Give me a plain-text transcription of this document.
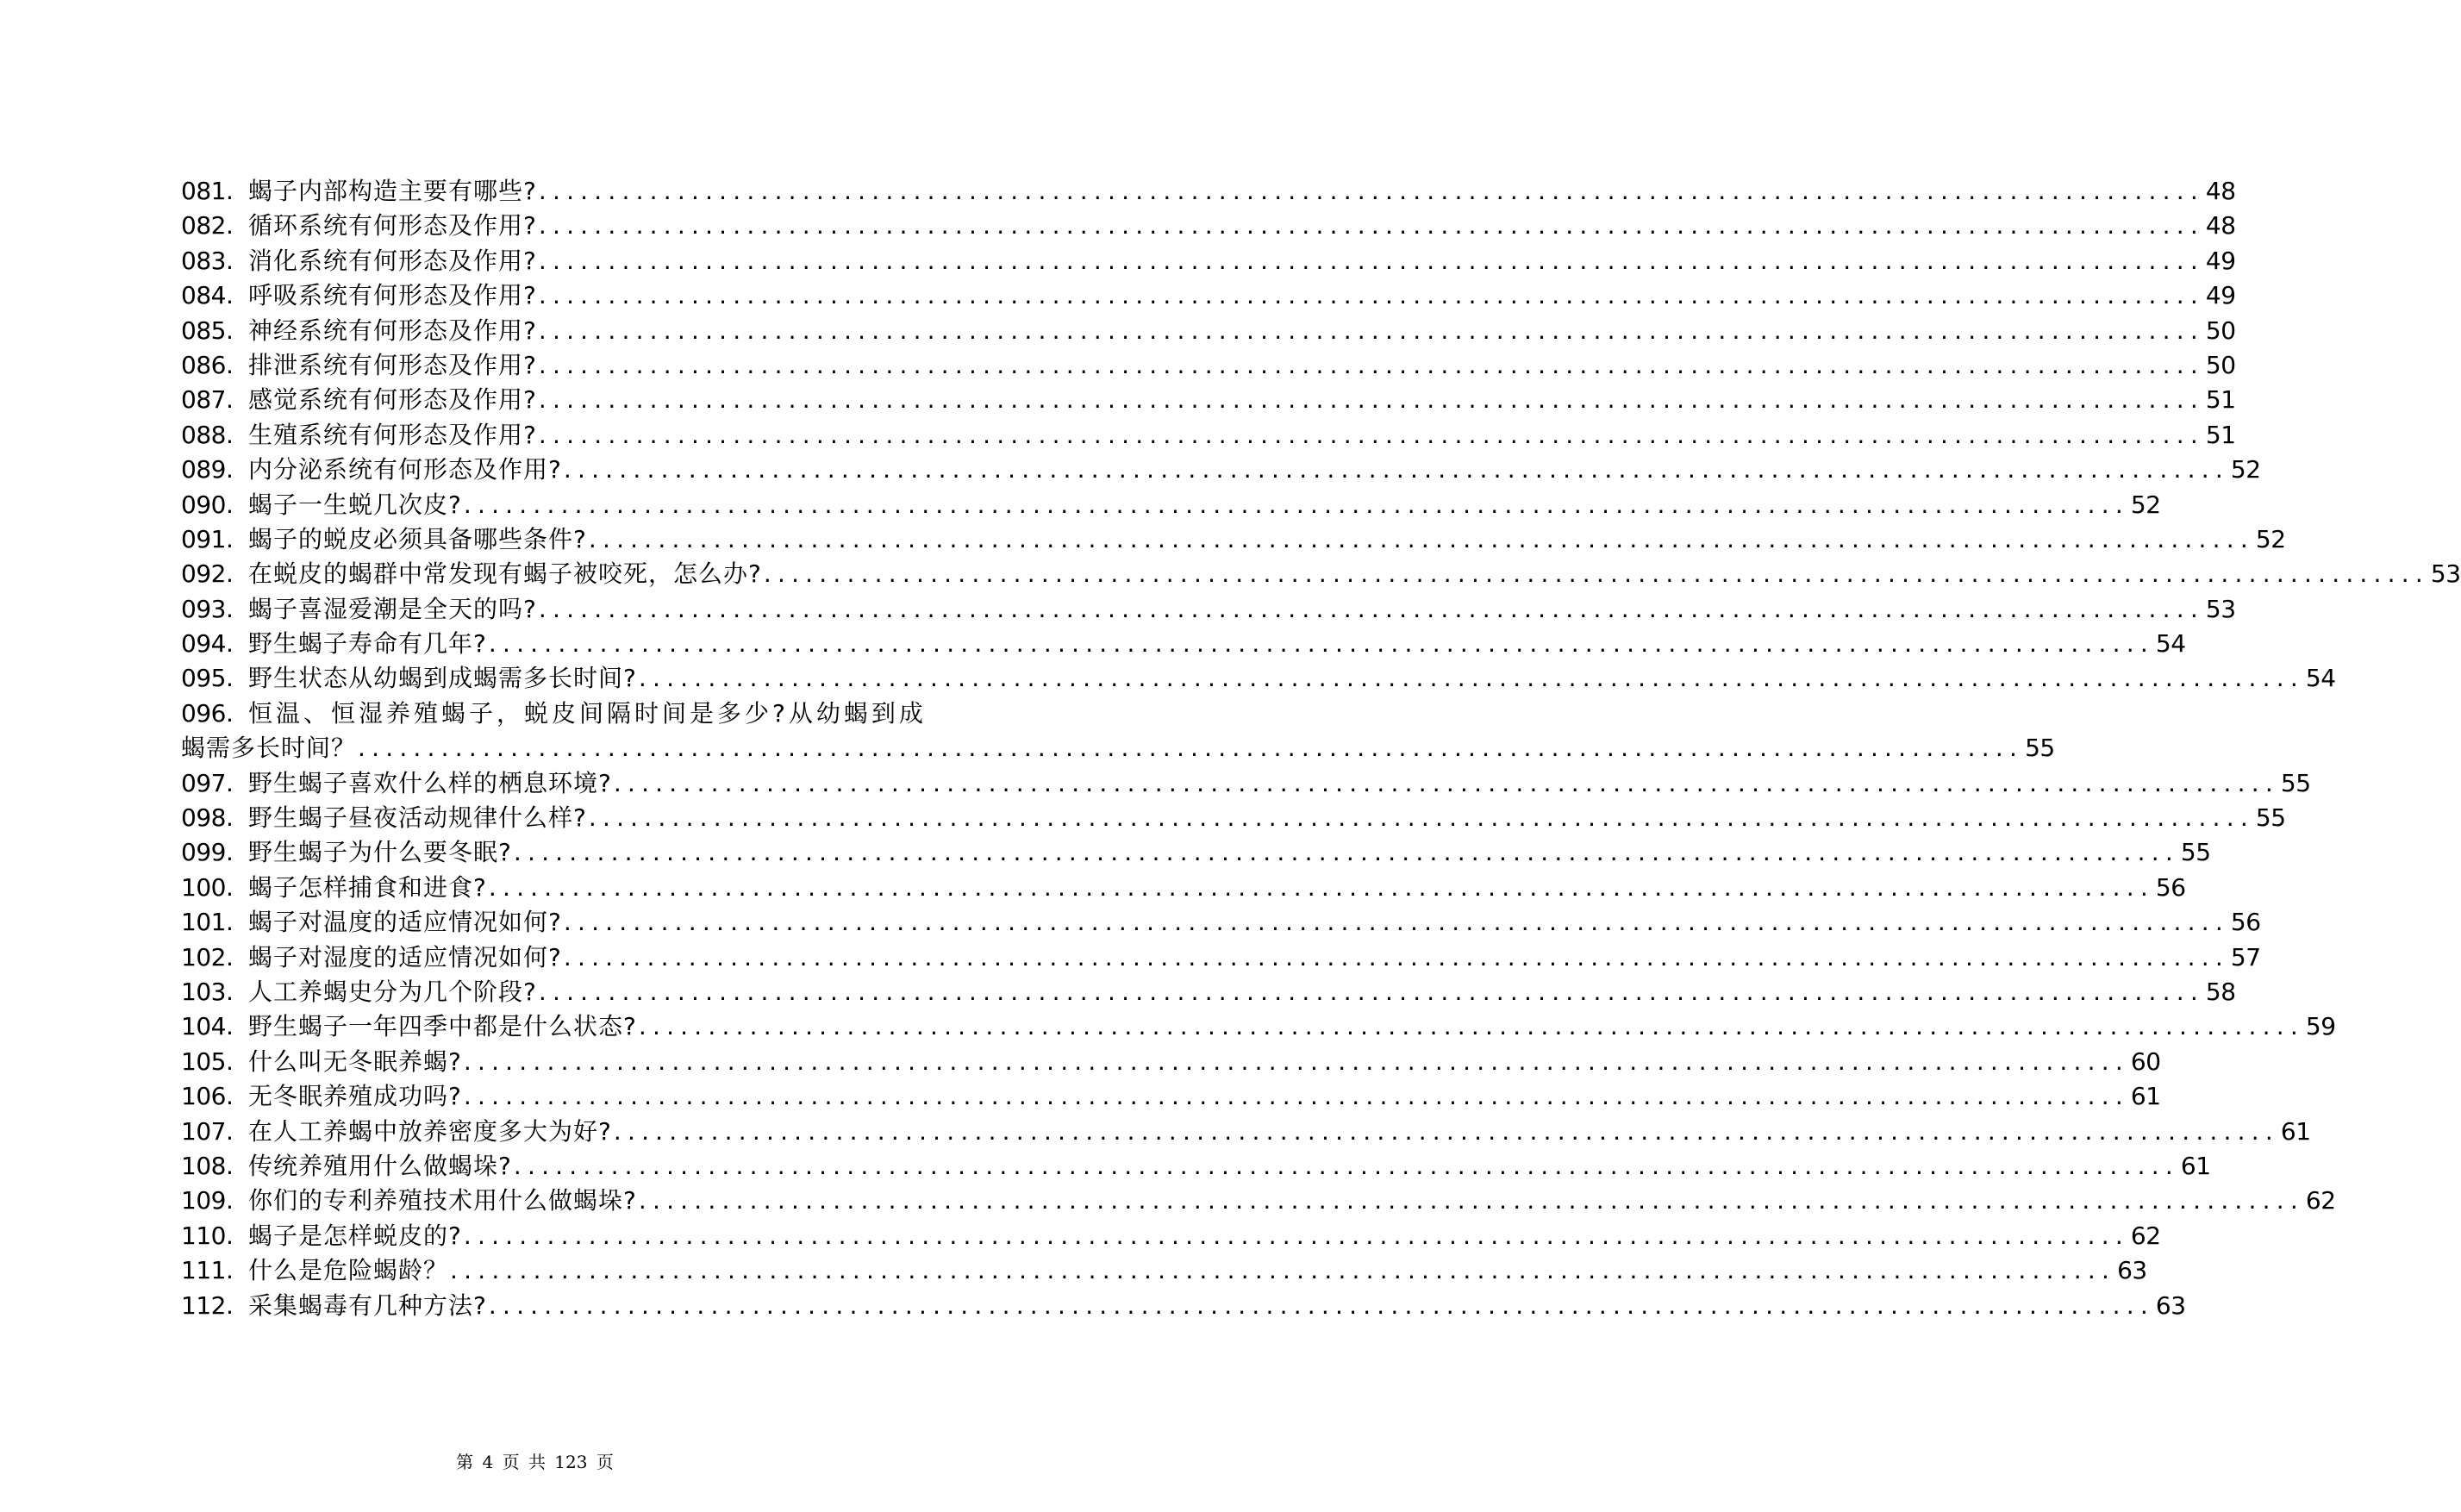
081. 蝎子内部构造主要有哪些? ........................................................................................................................ 48
082. 循环系统有何形态及作用? ........................................................................................................................ 48
083. 消化系统有何形态及作用? ........................................................................................................................ 49
084. 呼吸系统有何形态及作用? ........................................................................................................................ 49
085. 神经系统有何形态及作用? ........................................................................................................................ 50
086. 排泄系统有何形态及作用? ........................................................................................................................ 50
087. 感觉系统有何形态及作用? ........................................................................................................................ 51
088. 生殖系统有何形态及作用? ........................................................................................................................ 51
089. 内分泌系统有何形态及作用? ........................................................................................................................ 52
090. 蝎子一生蜕几次皮? ........................................................................................................................ 52
091. 蝎子的蜕皮必须具备哪些条件? ........................................................................................................................ 52
092. 在蜕皮的蝎群中常发现有蝎子被咬死，怎么办? ........................................................................................................................ 53
093. 蝎子喜湿爱潮是全天的吗? ........................................................................................................................ 53
094. 野生蝎子寿命有几年? ........................................................................................................................ 54
095. 野生状态从幼蝎到成蝎需多长时间? ........................................................................................................................ 54
096. 恒温、恒湿养殖蝎子，蜕皮间隔时间是多少?从幼蝎到成
蝎需多长时间？ ........................................................................................................................ 55
097. 野生蝎子喜欢什么样的栖息环境? ........................................................................................................................ 55
098. 野生蝎子昼夜活动规律什么样? ........................................................................................................................ 55
099. 野生蝎子为什么要冬眠? ........................................................................................................................ 55
100. 蝎子怎样捕食和进食? ........................................................................................................................ 56
101. 蝎子对温度的适应情况如何? ........................................................................................................................ 56
102. 蝎子对湿度的适应情况如何? ........................................................................................................................ 57
103. 人工养蝎史分为几个阶段? ........................................................................................................................ 58
104. 野生蝎子一年四季中都是什么状态? ........................................................................................................................ 59
105. 什么叫无冬眠养蝎? ........................................................................................................................ 60
106. 无冬眠养殖成功吗? ........................................................................................................................ 61
107. 在人工养蝎中放养密度多大为好? ........................................................................................................................ 61
108. 传统养殖用什么做蝎垛? ........................................................................................................................ 61
109. 你们的专利养殖技术用什么做蝎垛? ........................................................................................................................ 62
110. 蝎子是怎样蜕皮的? ........................................................................................................................ 62
111. 什么是危险蝎龄？ ........................................................................................................................ 63
112. 采集蝎毒有几种方法? ........................................................................................................................ 63
第 4 页 共 123 页
